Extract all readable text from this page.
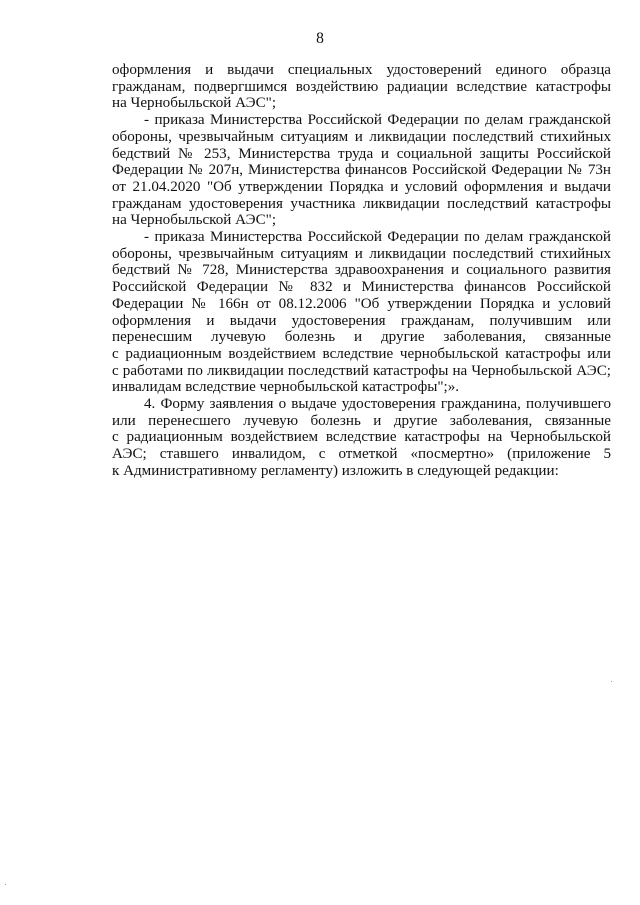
8

оформления и выдачи специальных удостоверений единого образца
гражданам, подвергшимся воздействию радиации вследствие катастрофы
на Чернобыльской АЭС";

- приказа Министерства Российской Федерации по делам гражданской
обороны, чрезвычайным ситуациям и ликвидации последствий стихийных
бедствий № 253, Министерства труда и социальной защиты Российской
Федерации № 207н, Министерства финансов Российской Федерации № 73н
от 21.04.2020 "Об утверждении Порядка и условий оформления и выдачи
гражданам удостоверения участника ликвидации последствий катастрофы
на Чернобыльской АЭС";

- приказа Министерства Российской Федерации по делам гражданской
обороны, чрезвычайным ситуациям и ликвидации последствий стихийных
бедствий № 728, Министерства здравоохранения и социального развития
Российской Федерации № 832 и Министерства финансов Российской
Федерации № 166н от 08.12.2006 "Об утверждении Порядка и условий
оформления и выдачи удостоверения гражданам, получившим или
перенесшим лучевую болезнь и другие заболевания, связанные
с радиационным воздействием вследствие чернобыльской катастрофы или
с работами по ликвидации последствий катастрофы на Чернобыльской АЭС;
инвалидам вследствие чернобыльской катастрофы";».

4. Форму заявления о выдаче удостоверения гражданина, получившего
или перенесшего лучевую болезнь и другие заболевания, связанные
с радиационным воздействием вследствие катастрофы на Чернобыльской
АЭС; ставшего инвалидом, с отметкой «посмертно» (приложение 5
к Административному регламенту) изложить в следующей редакции:
